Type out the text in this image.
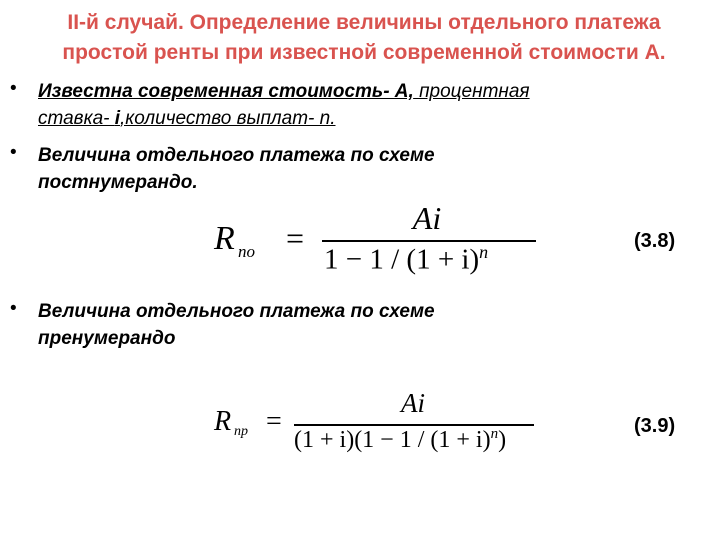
II-й случай. Определение величины отдельного платежа
простой ренты при известной современной стоимости А.
• Известна современная стоимость- А, процентная
ставка- i,количество выплат- n.
• Величина отдельного платежа по схеме
постнумерандо.
R по =
Ai
$1 - 1 / (1 + i)^n$	(3.8)
• Величина отдельного платежа по схеме
пренумерандо
R пр =
Ai
$(1 + i)(1 - 1 / (1 + i)^n)$
(3.9)
